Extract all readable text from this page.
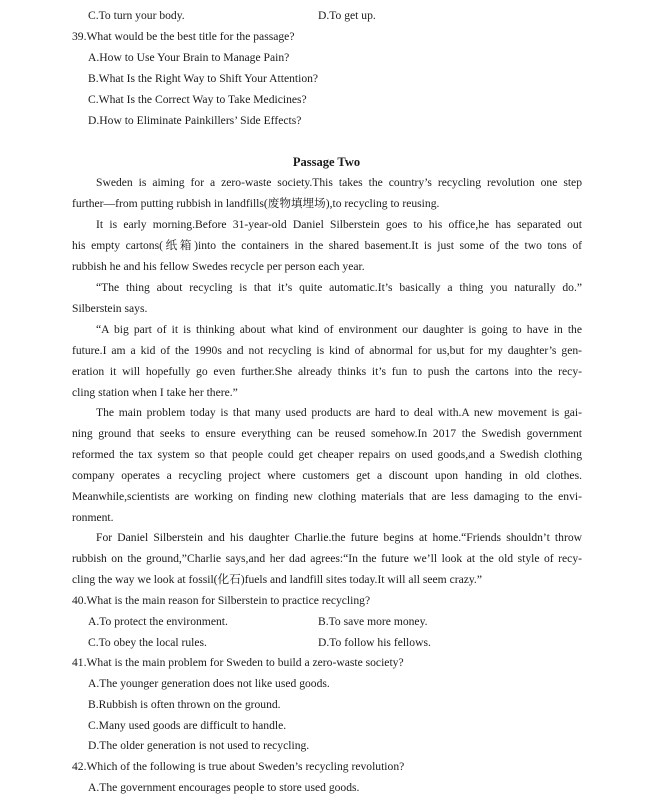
C.To turn your body.	D.To get up.
39.What would be the best title for the passage?
A.How to Use Your Brain to Manage Pain?
B.What Is the Right Way to Shift Your Attention?
C.What Is the Correct Way to Take Medicines?
D.How to Eliminate Painkillers’ Side Effects?
Passage Two
Sweden is aiming for a zero-waste society.This takes the country’s recycling revolution one step
further—from putting rubbish in landfills(废物填埋场),to recycling to reusing.
It is early morning.Before 31-year-old Daniel Silberstein goes to his office,he has separated out
his empty cartons(纸箱)into the containers in the shared basement.It is just some of the two tons of
rubbish he and his fellow Swedes recycle per person each year.
“The thing about recycling is that it’s quite automatic.It’s basically a thing you naturally do.”
Silberstein says.
“A big part of it is thinking about what kind of environment our daughter is going to have in the
future.I am a kid of the 1990s and not recycling is kind of abnormal for us,but for my daughter’s gen-
eration it will hopefully go even further.She already thinks it’s fun to push the cartons into the recy-
cling station when I take her there.”
The main problem today is that many used products are hard to deal with.A new movement is gai-
ning ground that seeks to ensure everything can be reused somehow.In 2017 the Swedish government
reformed the tax system so that people could get cheaper repairs on used goods,and a Swedish clothing
company operates a recycling project where customers get a discount upon handing in old clothes.
Meanwhile,scientists are working on finding new clothing materials that are less damaging to the envi-
ronment.
For Daniel Silberstein and his daughter Charlie.the future begins at home.“Friends shouldn’t throw
rubbish on the ground,”Charlie says,and her dad agrees:“In the future we’ll look at the old style of recy-
cling the way we look at fossil(化石)fuels and landfill sites today.It will all seem crazy.”
40.What is the main reason for Silberstein to practice recycling?
A.To protect the environment.	B.To save more money.
C.To obey the local rules.	D.To follow his fellows.
41.What is the main problem for Sweden to build a zero-waste society?
A.The younger generation does not like used goods.
B.Rubbish is often thrown on the ground.
C.Many used goods are difficult to handle.
D.The older generation is not used to recycling.
42.Which of the following is true about Sweden’s recycling revolution?
A.The government encourages people to store used goods.
